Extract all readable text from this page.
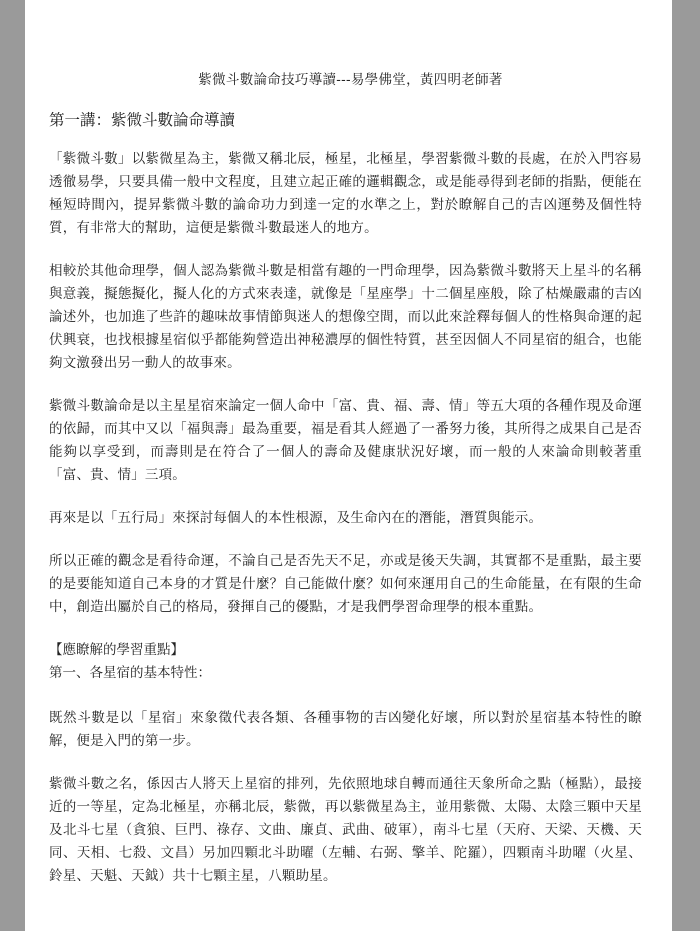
紫微斗數論命技巧導讀---易學佛堂，黃四明老師著

第一講：紫微斗數論命導讀

「紫微斗數」以紫微星為主，紫微又稱北辰，極星，北極星，學習紫微斗數的長處，在於入門容易透徹易學，只要具備一般中文程度，且建立起正確的邏輯觀念，或是能尋得到老師的指點，便能在極短時間內，提昇紫微斗數的論命功力到達一定的水準之上，對於瞭解自己的吉凶運勢及個性特質，有非常大的幫助，這便是紫微斗數最迷人的地方。

相較於其他命理學，個人認為紫微斗數是相當有趣的一門命理學，因為紫微斗數將天上星斗的名稱與意義，擬態擬化，擬人化的方式來表達，就像是「星座學」十二個星座般，除了枯燥嚴肅的吉凶論述外，也加進了些許的趣味故事情節與迷人的想像空間，而以此來詮釋每個人的性格與命運的起伏興衰，也找根據星宿似乎都能夠營造出神秘濃厚的個性特質，甚至因個人不同星宿的組合，也能夠文激發出另一動人的故事來。

紫微斗數論命是以主星星宿來論定一個人命中「富、貴、福、壽、情」等五大項的各種作現及命運的依歸，而其中又以「福與壽」最為重要，福是看其人經過了一番努力後，其所得之成果自己是否能夠以享受到，而壽則是在符合了一個人的壽命及健康狀況好壞，而一般的人來論命則較著重「富、貴、情」三項。

再來是以「五行局」來探討每個人的本性根源，及生命內在的潛能，潛質與能示。

所以正確的觀念是看待命運，不論自己是否先天不足，亦或是後天失調，其實都不是重點，最主要的是要能知道自己本身的才質是什麼？自己能做什麼？如何來運用自己的生命能量，在有限的生命中，創造出屬於自己的格局，發揮自己的優點，才是我們學習命理學的根本重點。

【應瞭解的學習重點】

第一、各星宿的基本特性：

既然斗數是以「星宿」來象徵代表各類、各種事物的吉凶變化好壞，所以對於星宿基本特性的瞭解，便是入門的第一步。

紫微斗數之名，係因古人將天上星宿的排列，先依照地球自轉而通往天象所命之點（極點），最接近的一等星，定為北極星，亦稱北辰，紫微，再以紫微星為主，並用紫微、太陽、太陰三顆中天星及北斗七星（貪狼、巨門、祿存、文曲、廉貞、武曲、破軍），南斗七星（天府、天梁、天機、天同、天相、七殺、文昌）另加四顆北斗助曜（左輔、右弼、擎羊、陀羅），四顆南斗助曜（火星、鈴星、天魁、天鉞）共十七顆主星，八顆助星。
